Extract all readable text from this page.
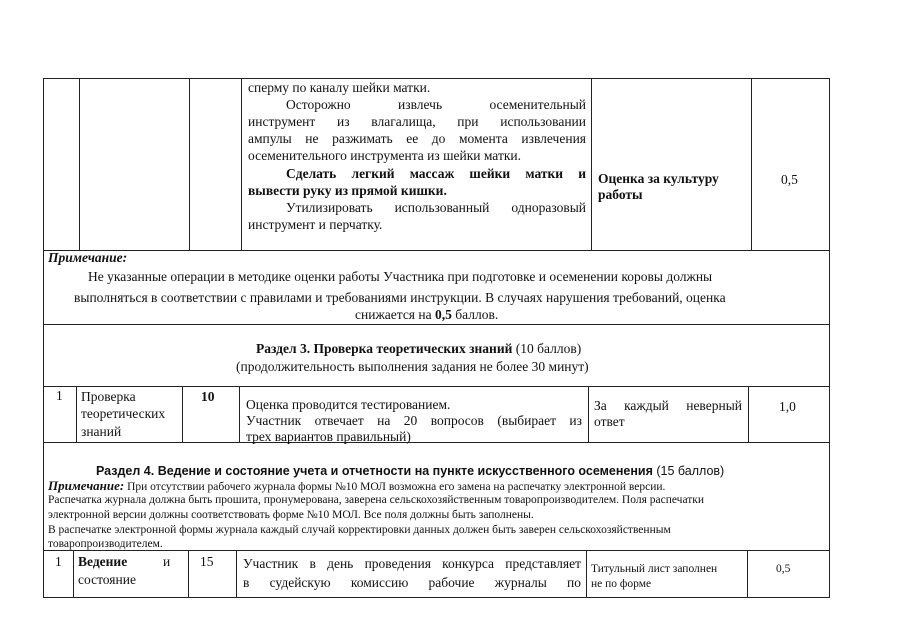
сперму по каналу шейки матки.
Осторожно извлечь осеменительный
инструмент из влагалища, при использовании
ампулы не разжимать ее до момента извлечения
осеменительного инструмента из шейки матки.
Сделать легкий массаж шейки матки и
вывести руку из прямой кишки.
Утилизировать использованный одноразовый
инструмент и перчатку.
Оценка за культуру
работы
0,5
Примечание:
Не указанные операции в методике оценки работы Участника при подготовке и осеменении коровы должны
выполняться в соответствии с правилами и требованиями инструкции. В случаях нарушения требований, оценка
снижается на 0,5 баллов.
Раздел 3. Проверка теоретических знаний (10 баллов)
(продолжительность выполнения задания не более 30 минут)
1 Проверка
теоретических
знаний
10
Оценка проводится тестированием.
Участник отвечает на 20 вопросов (выбирает из
трех вариантов правильный)
За каждый неверный
ответ
1,0
Раздел 4. Ведение и состояние учета и отчетности на пункте искусственного осеменения (15 баллов)
Примечание: При отсутствии рабочего журнала формы №10 МОЛ возможна его замена на распечатку электронной версии.
Распечатка журнала должна быть прошита, пронумерована, заверена сельскохозяйственным товаропроизводителем. Поля распечатки
электронной версии должны соответствовать форме №10 МОЛ. Все поля должны быть заполнены.
В распечатке электронной формы журнала каждый случай корректировки данных должен быть заверен сельскохозяйственным
товаропроизводителем.
1 Ведение	и
состояние
15 Участник в день проведения конкурса представляет
в судейскую комиссию рабочие журналы по
Титульный лист заполнен
не по форме
0,5
